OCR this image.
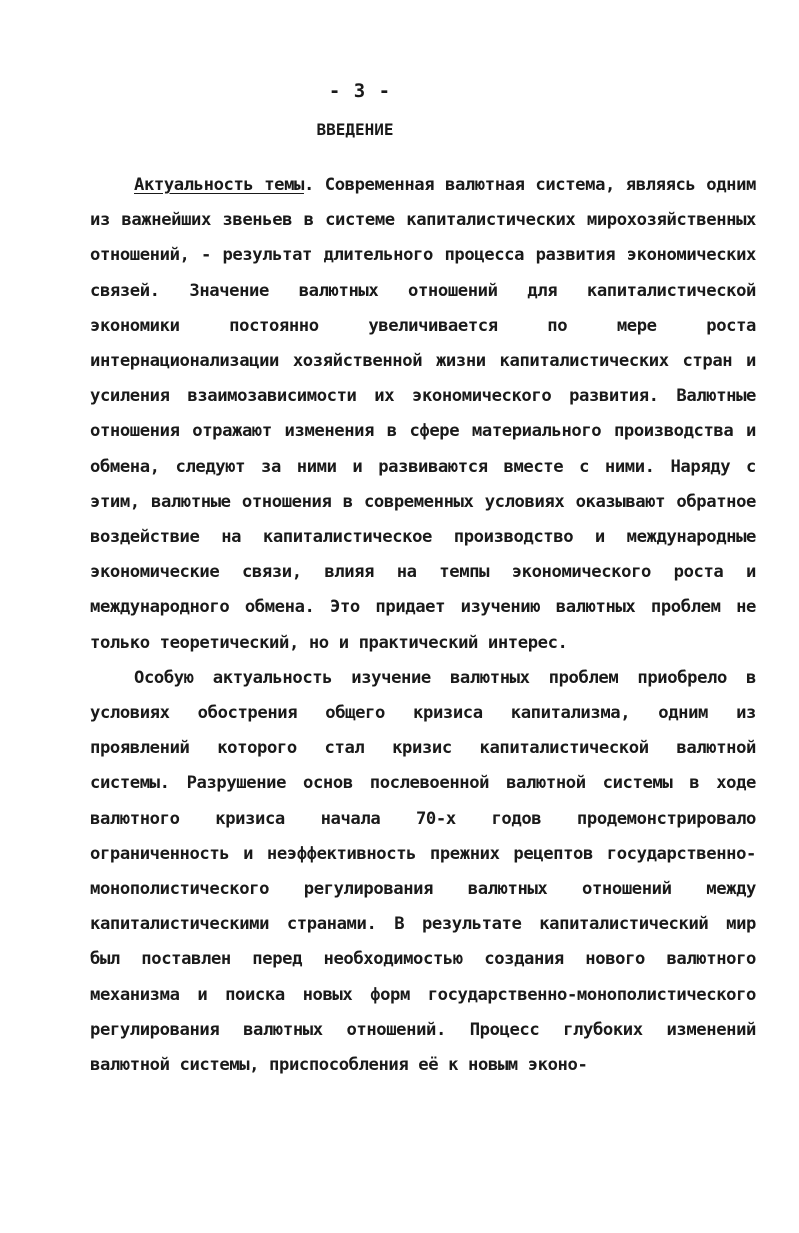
- 3 -
ВВЕДЕНИЕ

Актуальность темы. Современная валютная система, являясь одним из важнейших звеньев в системе капиталистических мирохозяйственных отношений, - результат длительного процесса развития экономических связей. Значение валютных отношений для капиталистической экономики постоянно увеличивается по мере роста интернационализации хозяйственной жизни капиталистических стран и усиления взаимозависимости их экономического развития. Валютные отношения отражают изменения в сфере материального производства и обмена, следуют за ними и развиваются вместе с ними. Наряду с этим, валютные отношения в современных условиях оказывают обратное воздействие на капиталистическое производство и международные экономические связи, влияя на темпы экономического роста и международного обмена. Это придает изучению валютных проблем не только теоретический, но и практический интерес.

Особую актуальность изучение валютных проблем приобрело в условиях обострения общего кризиса капитализма, одним из проявлений которого стал кризис капиталистической валютной системы. Разрушение основ послевоенной валютной системы в ходе валютного кризиса начала 70-х годов продемонстрировало ограниченность и неэффективность прежних рецептов государственно-монополистического регулирования валютных отношений между капиталистическими странами. В результате капиталистический мир был поставлен перед необходимостью создания нового валютного механизма и поиска новых форм государственно-монополистического регулирования валютных отношений. Процесс глубоких изменений валютной системы, приспособления её к новым эконо-
